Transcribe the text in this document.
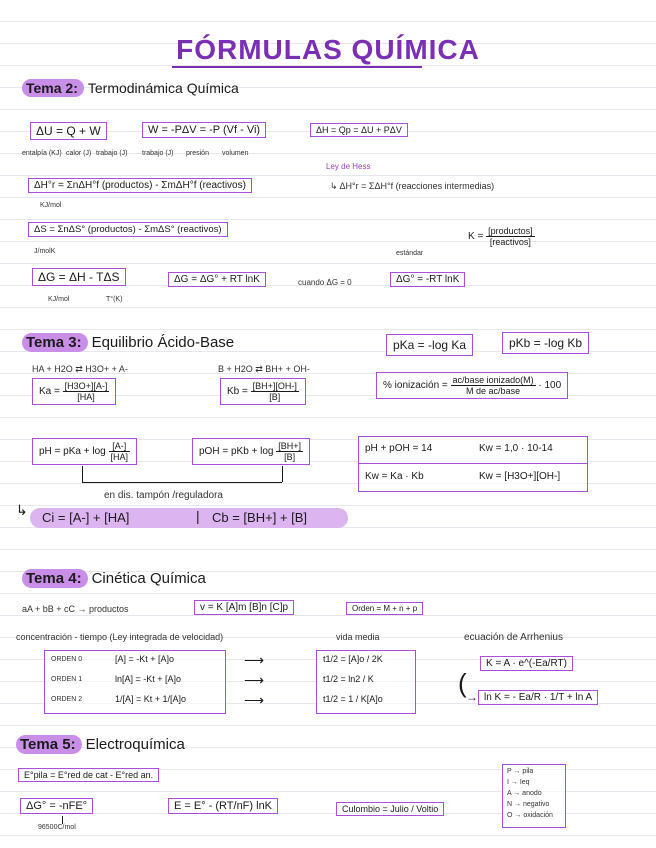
FÓRMULAS QUÍMICA
Tema 2: Termodinámica Química
ΔU = Q + W
entalpía (KJ) calor (J) trabajo (J)
W = -PΔV = -P (Vf - Vi)
trabajo (J) presión volumen
ΔH = Qp = ΔU + PΔV
Ley de Hess
↳ ΔH°r = ΣΔH°f (reacciones intermedias)
ΔH°r = ΣnΔH°f (productos) - ΣmΔH°f (reactivos)
KJ/mol
ΔS = ΣnΔS° (productos) - ΣmΔS° (reactivos)
J/molK
$K = \frac{\text{[productos]}}{\text{[reactivos]}}$
estándar
ΔG = ΔH - TΔS
KJ/mol	T°(K)
ΔG = ΔG° + RT lnK	cuando ΔG = 0	ΔG° = -RT lnK
Tema 3: Equilibrio Ácido-Base	pKa = -log Ka	pKb = -log Kb
HA + H2O ⇄ H3O+ + A-	B + H2O ⇄ BH+ + OH-
$Ka = \frac{[H3O+][A-]}{[HA]}$	$Kb = \frac{[BH+][OH-]}{[B]}$	% ionización = $\frac{\text{ac/base ionizado(M)}}{\text{M de ac/base}} \cdot 100$
pH = pKa + $\log \frac{[A-]}{[HA]}$	pOH = pKb + $\log \frac{[BH+]}{[B]}$	pH + pOH = 14	Kw = 1,0 · 10-14
Kw = Ka · Kb	Kw = [H3O+][OH-]
en dis. tampón /reguladora
↳ Ci = [A-] + [HA]	| Cb = [BH+] + [B]
Tema 4: Cinética Química
aA + bB + cC → productos	v = K [A]m [B]n [C]p	Orden = M + n + p
concentración - tiempo (Ley integrada de velocidad)	vida media	ecuación de Arrhenius
ORDEN 0	[A] = -Kt + [A]o
ORDEN 1	ln[A] = -Kt + [A]o
ORDEN 2	1/[A] = Kt + 1/[A]o
⟶
⟶
⟶
t1/2 = [A]o / 2K
t1/2 = ln2 / K
t1/2 = 1 / K[A]o
K = A · e^(-Ea/RT)
( → ln K = - Ea/R · 1/T + ln A
Tema 5: Electroquímica
E°pila = E°red de cat - E°red an.
ΔG° = -nFE°
96500C/mol
E = E° - (RT/nF) lnK	Culombio = Julio / Voltio
P → pila
I → Ieq
A → anodo
N → negativo
O → oxidación
